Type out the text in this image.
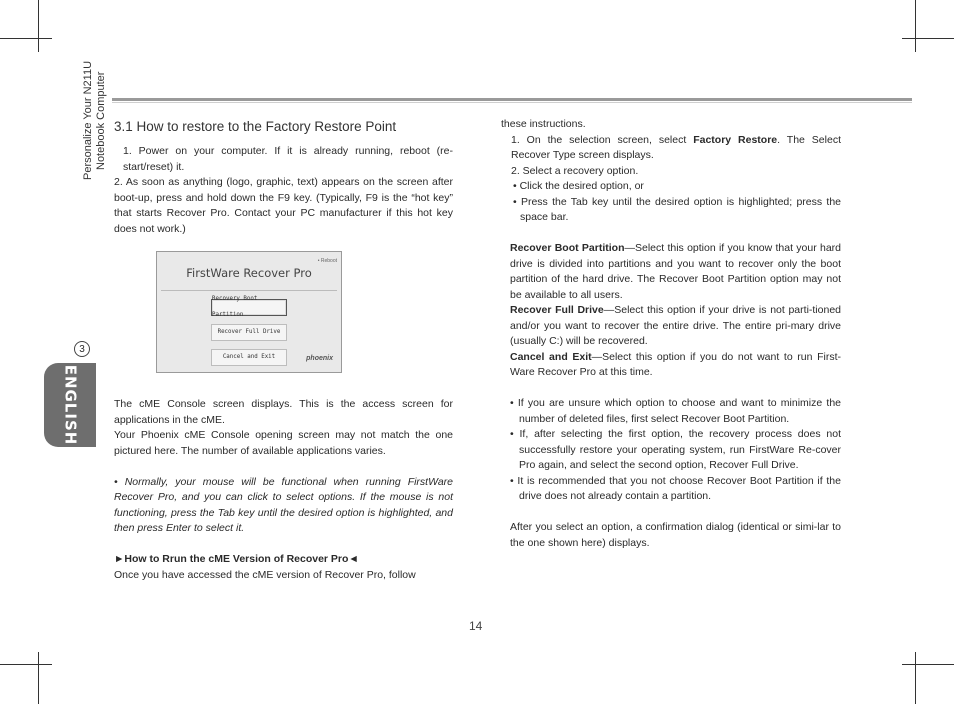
ENGLISH
3
Personalize Your N211U Notebook Computer 3.1 How to restore to the Factory Restore Point

1. Power on your computer. If it is already running, reboot (re-start/reset) it.

2. As soon as anything (logo, graphic, text) appears on the screen after boot-up, press and hold down the F9 key. (Typically, F9 is the “hot key” that starts Recover Pro. Contact your PC manufacturer if this hot key does not work.)

• Reboot
FirstWare Recover Pro
Recovery Boot Partition
Recover Full Drive
Cancel and Exit	phoenix

The cME Console screen displays. This is the access screen for applications in the cME.

Your Phoenix cME Console opening screen may not match the one pictured here. The number of available applications varies.

• Normally, your mouse will be functional when running FirstWare Recover Pro, and you can click to select options. If the mouse is not functioning, press the Tab key until the desired option is highlighted, and then press Enter to select it.

►How to Rrun the cME Version of Recover Pro◄

Once you have accessed the cME version of Recover Pro, follow

these instructions.

1. On the selection screen, select Factory Restore. The Select Recover Type screen displays.

2. Select a recovery option.

• Click the desired option, or

• Press the Tab key until the desired option is highlighted; press the space bar.

Recover Boot Partition—Select this option if you know that your hard drive is divided into partitions and you want to recover only the boot partition of the hard drive. The Recover Boot Partition option may not be available to all users.

Recover Full Drive—Select this option if your drive is not parti-tioned and/or you want to recover the entire drive. The entire pri-mary drive (usually C:) will be recovered.

Cancel and Exit—Select this option if you do not want to run First-Ware Recover Pro at this time.

• If you are unsure which option to choose and want to minimize the number of deleted files, first select Recover Boot Partition.

• If, after selecting the first option, the recovery process does not successfully restore your operating system, run FirstWare Re-cover Pro again, and select the second option, Recover Full Drive.

• It is recommended that you not choose Recover Boot Partition if the drive does not already contain a partition.

After you select an option, a confirmation dialog (identical or simi-lar to the one shown here) displays.

14
